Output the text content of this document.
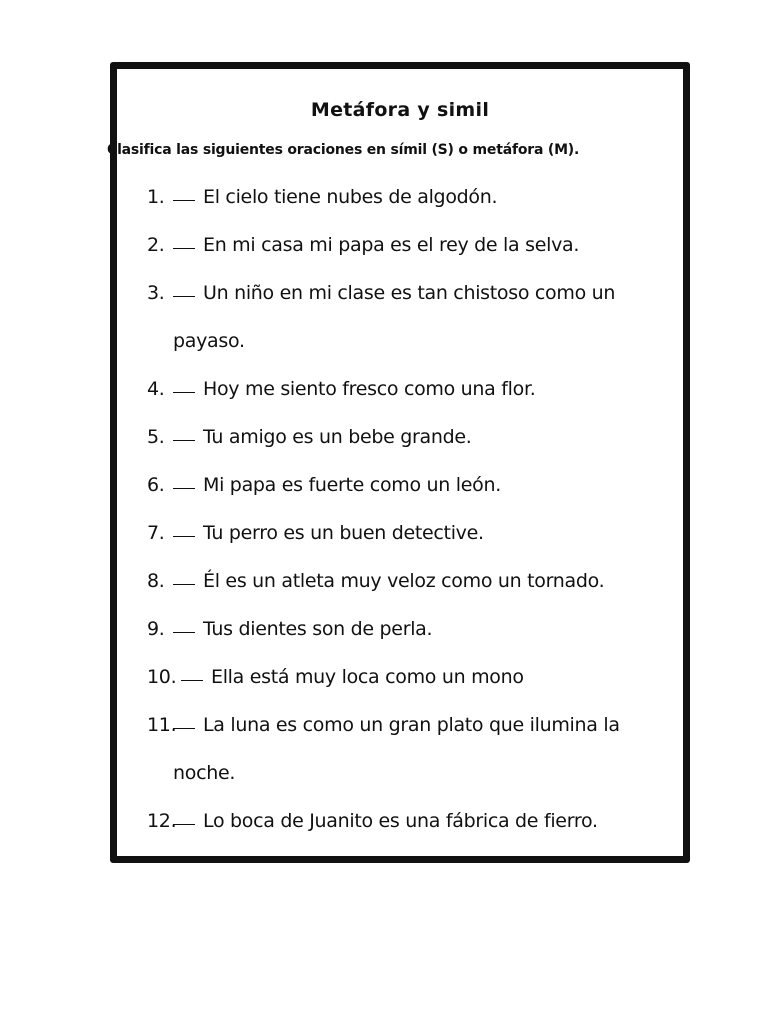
Metáfora y simil

Clasifica las siguientes oraciones en símil (S) o metáfora (M).

1.	El cielo tiene nubes de algodón.
2.	En mi casa mi papa es el rey de la selva.
3.	Un niño en mi clase es tan chistoso como un payaso.
4.	Hoy me siento fresco como una flor.
5.	Tu amigo es un bebe grande.
6.	Mi papa es fuerte como un león.
7.	Tu perro es un buen detective.
8.	Él es un atleta muy veloz como un tornado.
9.	Tus dientes son de perla.
10.	Ella está muy loca como un mono
11.	La luna es como un gran plato que ilumina la noche.
12.	Lo boca de Juanito es una fábrica de fierro.
